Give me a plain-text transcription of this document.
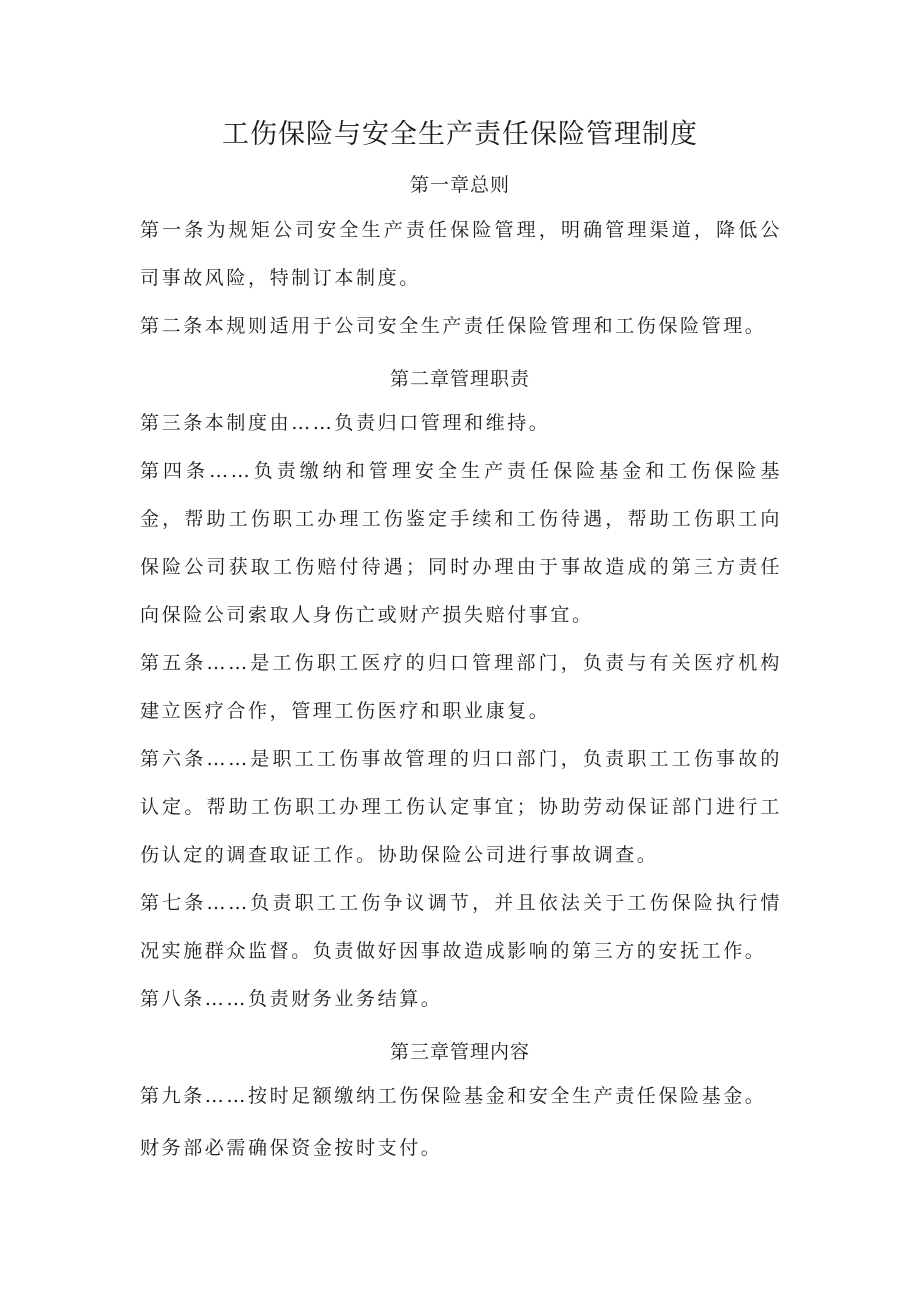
工伤保险与安全生产责任保险管理制度
第一章总则

第一条为规矩公司安全生产责任保险管理，明确管理渠道，降低公司事故风险，特制订本制度。

第二条本规则适用于公司安全生产责任保险管理和工伤保险管理。

第二章管理职责

第三条本制度由……负责归口管理和维持。

第四条……负责缴纳和管理安全生产责任保险基金和工伤保险基金，帮助工伤职工办理工伤鉴定手续和工伤待遇，帮助工伤职工向保险公司获取工伤赔付待遇；同时办理由于事故造成的第三方责任向保险公司索取人身伤亡或财产损失赔付事宜。

第五条……是工伤职工医疗的归口管理部门，负责与有关医疗机构建立医疗合作，管理工伤医疗和职业康复。

第六条……是职工工伤事故管理的归口部门，负责职工工伤事故的认定。帮助工伤职工办理工伤认定事宜；协助劳动保证部门进行工伤认定的调查取证工作。协助保险公司进行事故调查。

第七条……负责职工工伤争议调节，并且依法关于工伤保险执行情况实施群众监督。负责做好因事故造成影响的第三方的安抚工作。

第八条……负责财务业务结算。

第三章管理内容

第九条……按时足额缴纳工伤保险基金和安全生产责任保险基金。

财务部必需确保资金按时支付。
